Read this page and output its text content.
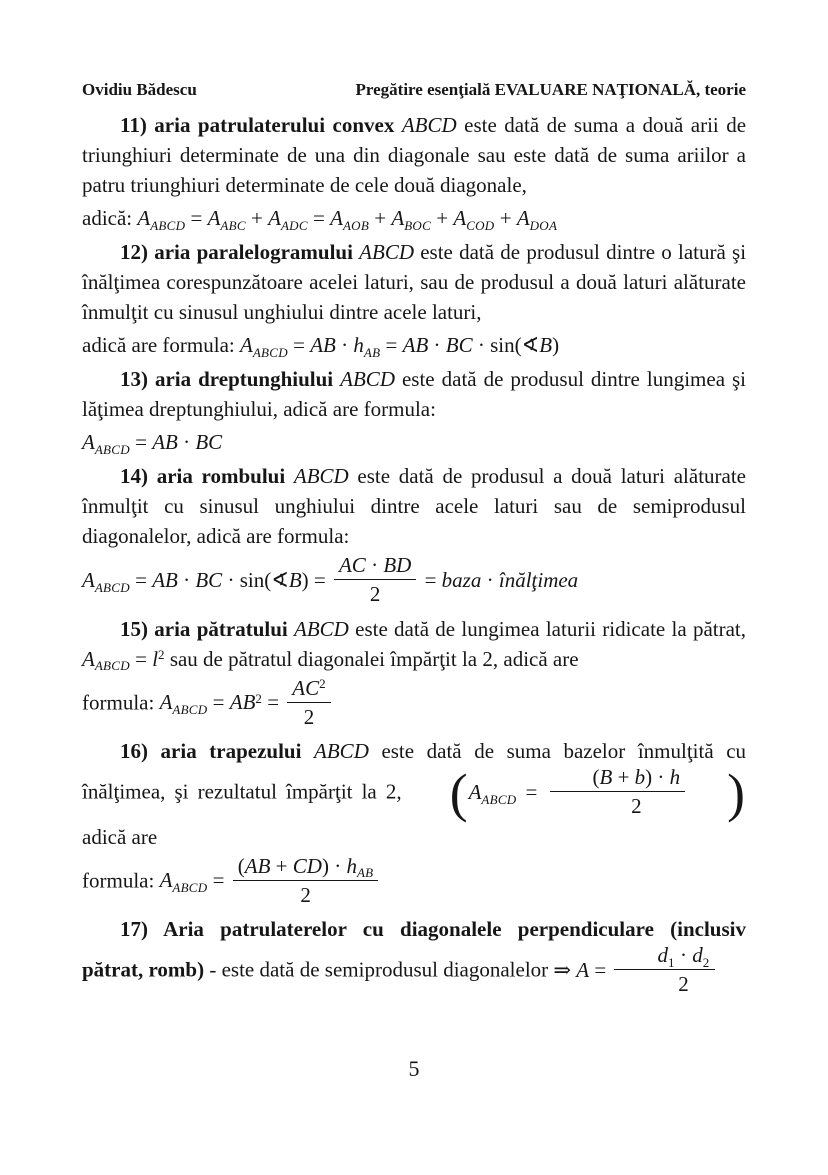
Ovidiu Bădescu	Pregătire esenţială EVALUARE NAŢIONALĂ, teorie

11) aria patrulaterului convex ABCD este dată de suma a două arii de triunghiuri determinate de una din diagonale sau este dată de suma ariilor a patru triunghiuri determinate de cele două diagonale,

adică: $A_{ABCD} = A_{ABC} + A_{ADC} = A_{AOB} + A_{BOC} + A_{COD} + A_{DOA}$

12) aria paralelogramului ABCD este dată de produsul dintre o latură şi înălţimea corespunzătoare acelei laturi, sau de produsul a două laturi alăturate înmulţit cu sinusul unghiului dintre acele laturi,

adică are formula: $A_{ABCD}$ = AB · $h_{AB}$ = AB · BC · sin(∢B)

13) aria dreptunghiului ABCD este dată de produsul dintre lungimea şi lăţimea dreptunghiului, adică are formula:

$A_{ABCD}$ = AB · BC

14) aria rombului ABCD este dată de produsul a două laturi alăturate înmulţit cu sinusul unghiului dintre acele laturi sau de semiprodusul diagonalelor, adică are formula:

$A_{ABCD}$ = AB · BC · sin(∢B) = $\frac{AC \cdot BD}{2}$ = baza · înălţimea

15) aria pătratului ABCD este dată de lungimea laturii ridicate la pătrat, $A_{ABCD} = l^2$ sau de pătratul diagonalei împărţit la 2, adică are

formula: $A_{ABCD} = AB^2 = \frac{AC^2}{2}$

16) aria trapezului ABCD este dată de suma bazelor înmulţită cu înălţimea, şi rezultatul împărţit la 2, ($A_{ABCD} = \frac{(B + b) \cdot h}{2}$ ) adică are

formula: $A_{ABCD} = \frac{(AB + CD) \cdot h_{AB}}{2}$

17) Aria patrulaterelor cu diagonalele perpendiculare (inclusiv pătrat, romb) - este dată de semiprodusul diagonalelor ⇒ $A = \frac{d_1 \cdot d_2}{2}$

5
